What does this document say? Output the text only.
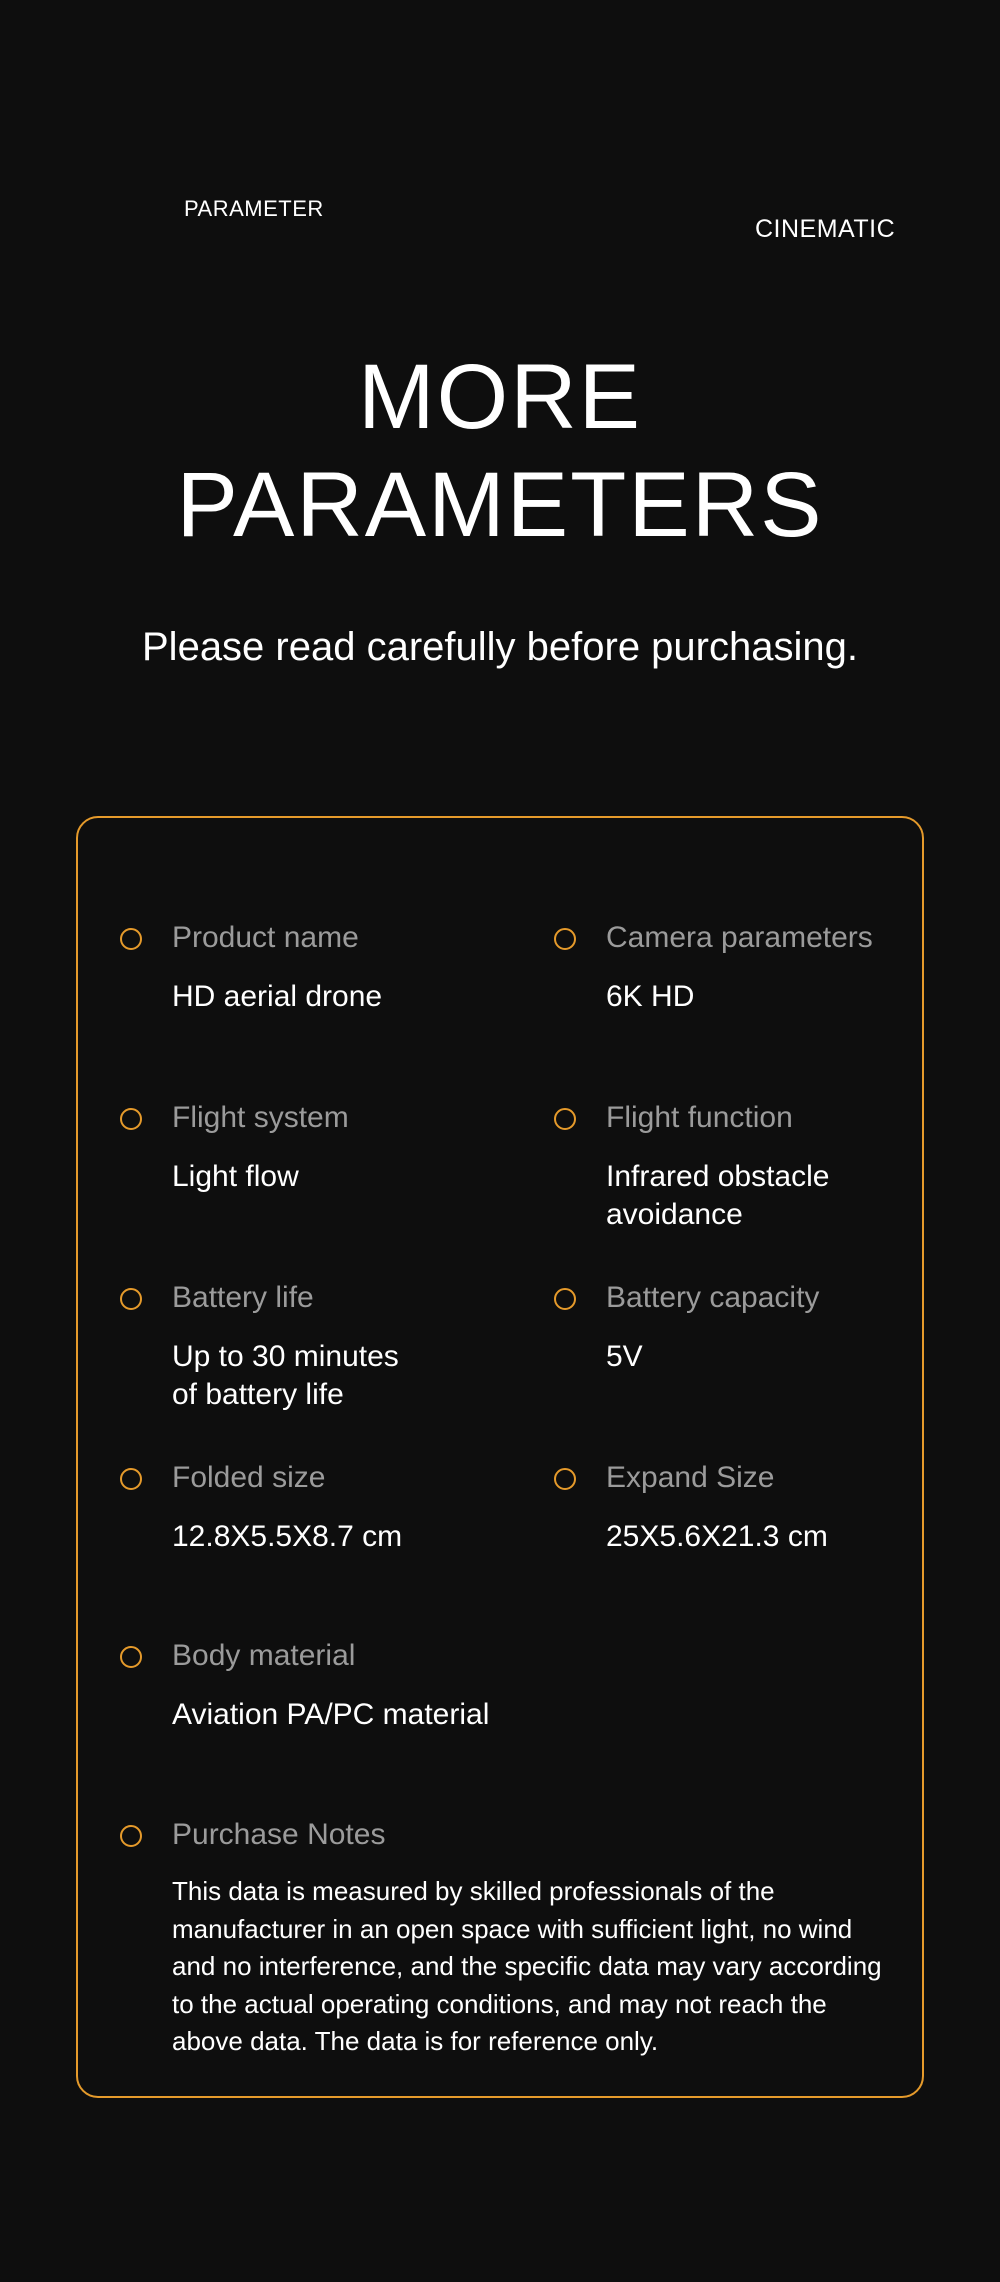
PARAMETER
CINEMATIC
MORE
PARAMETERS
Please read carefully before purchasing.
Product name
HD aerial drone
Camera parameters
6K HD
Flight system
Light flow
Flight function
Infrared obstacle
avoidance
Battery life
Up to 30 minutes
of battery life
Battery capacity
5V
Folded size
12.8X5.5X8.7 cm
Expand Size
25X5.6X21.3 cm
Body material
Aviation PA/PC material
Purchase Notes
This data is measured by skilled professionals of the manufacturer in an open space with sufficient light, no wind and no interference, and the specific data may vary according to the actual operating conditions, and may not reach the above data. The data is for reference only.
